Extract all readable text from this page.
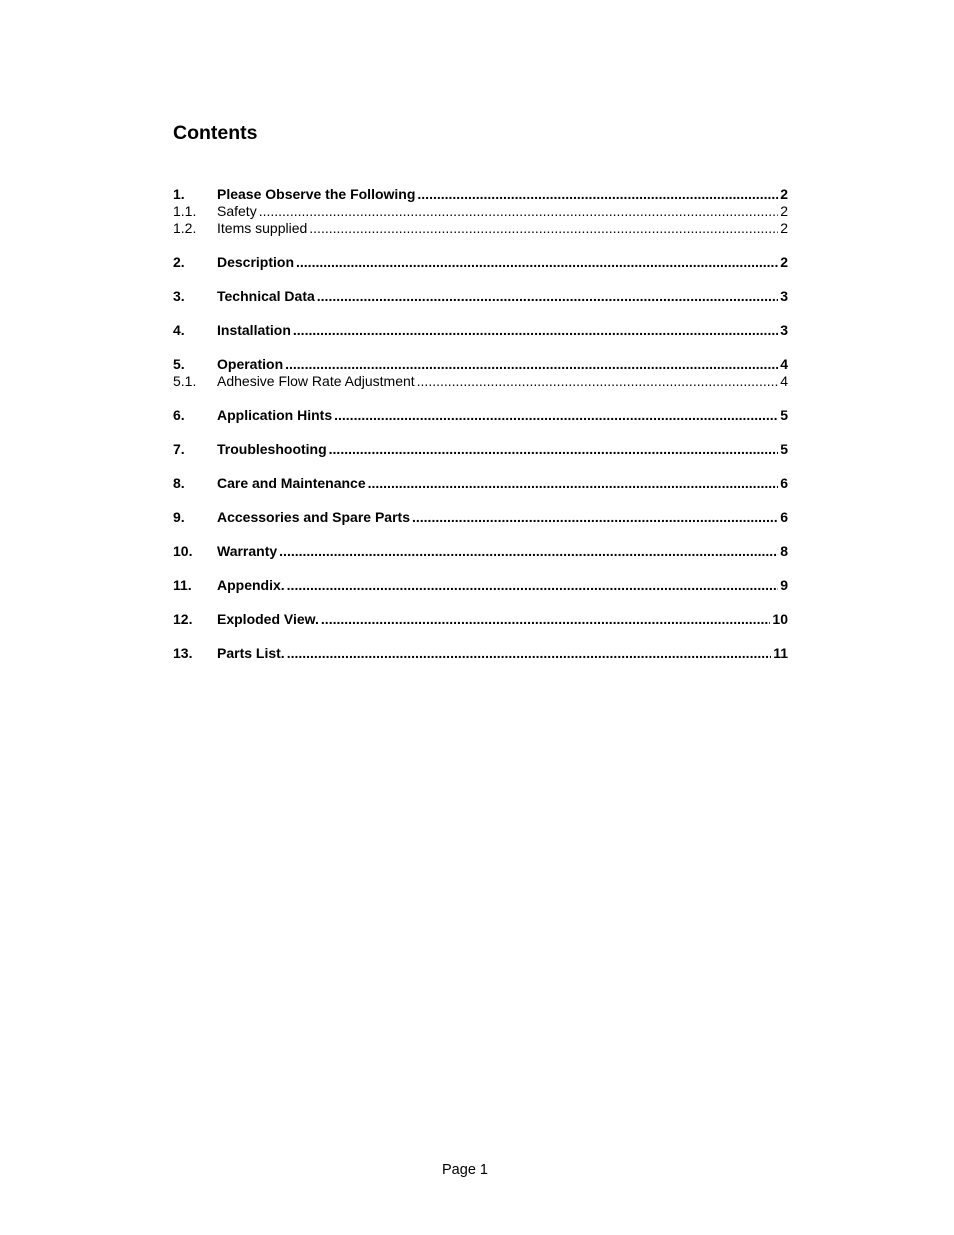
Contents
1.	Please Observe the Following .....	2
1.1.	Safety .....	2
1.2.	Items supplied .....	2
2.	Description .....	2
3.	Technical Data .....	3
4.	Installation .....	3
5.	Operation .....	4
5.1.	Adhesive Flow Rate Adjustment .....	4
6.	Application Hints .....	5
7.	Troubleshooting .....	5
8.	Care and Maintenance .....	6
9.	Accessories and Spare Parts .....	6
10.	Warranty .....	8
11.	Appendix. .....	9
12.	Exploded View. .....	10
13.	Parts List. .....	11
Page 1
